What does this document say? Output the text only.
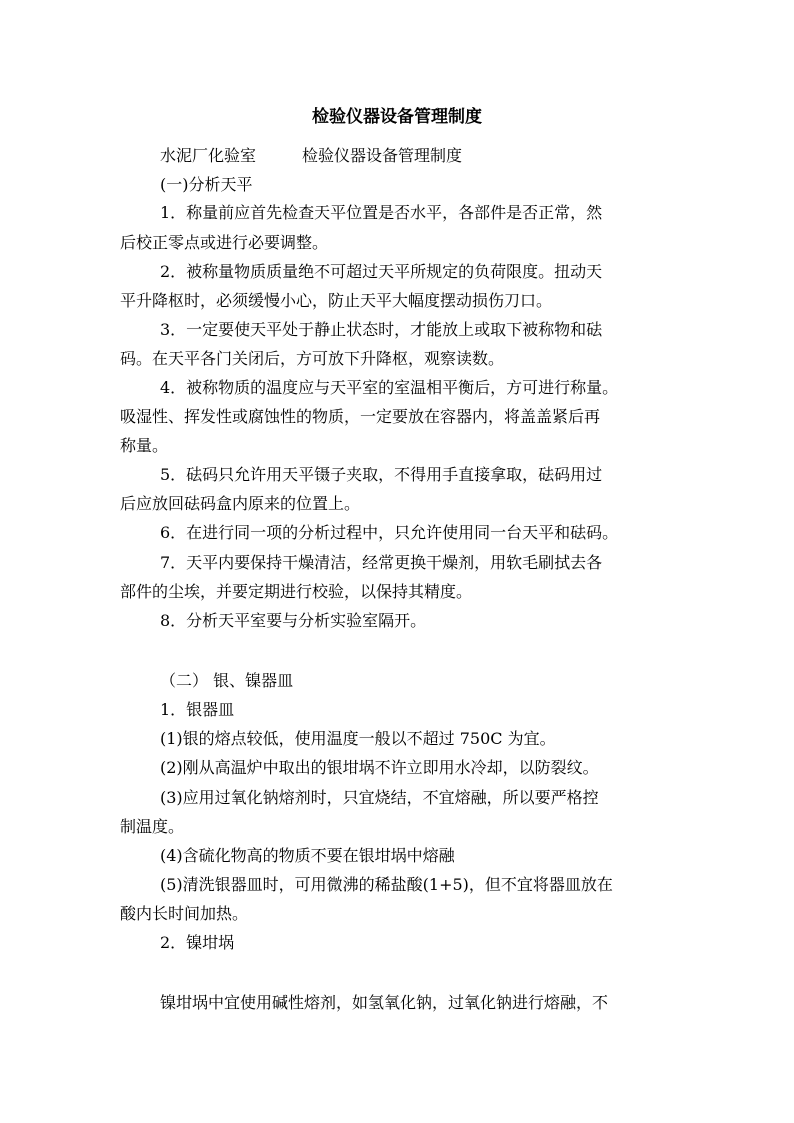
检验仪器设备管理制度
水泥厂化验室	检验仪器设备管理制度
(一)分析天平
1．称量前应首先检查天平位置是否水平，各部件是否正常，然
后校正零点或进行必要调整。
2．被称量物质质量绝不可超过天平所规定的负荷限度。扭动天
平升降枢时，必须缓慢小心，防止天平大幅度摆动损伤刀口。
3．一定要使天平处于静止状态时，才能放上或取下被称物和砝
码。在天平各门关闭后，方可放下升降枢，观察读数。
4．被称物质的温度应与天平室的室温相平衡后，方可进行称量。
吸湿性、挥发性或腐蚀性的物质，一定要放在容器内，将盖盖紧后再
称量。
5．砝码只允许用天平镊子夹取，不得用手直接拿取，砝码用过
后应放回砝码盒内原来的位置上。
6．在进行同一项的分析过程中，只允许使用同一台天平和砝码。
7．天平内要保持干燥清洁，经常更换干燥剂，用软毛刷拭去各
部件的尘埃，并要定期进行校验，以保持其精度。
8．分析天平室要与分析实验室隔开。
（二） 银、镍器皿
1．银器皿
(1)银的熔点较低，使用温度一般以不超过 750C 为宜。
(2)刚从高温炉中取出的银坩埚不许立即用水冷却，以防裂纹。
(3)应用过氧化钠熔剂时，只宜烧结，不宜熔融，所以要严格控
制温度。
(4)含硫化物高的物质不要在银坩埚中熔融
(5)清洗银器皿时，可用微沸的稀盐酸(1+5)，但不宜将器皿放在
酸内长时间加热。
2．镍坩埚
镍坩埚中宜使用碱性熔剂，如氢氧化钠，过氧化钠进行熔融，不
